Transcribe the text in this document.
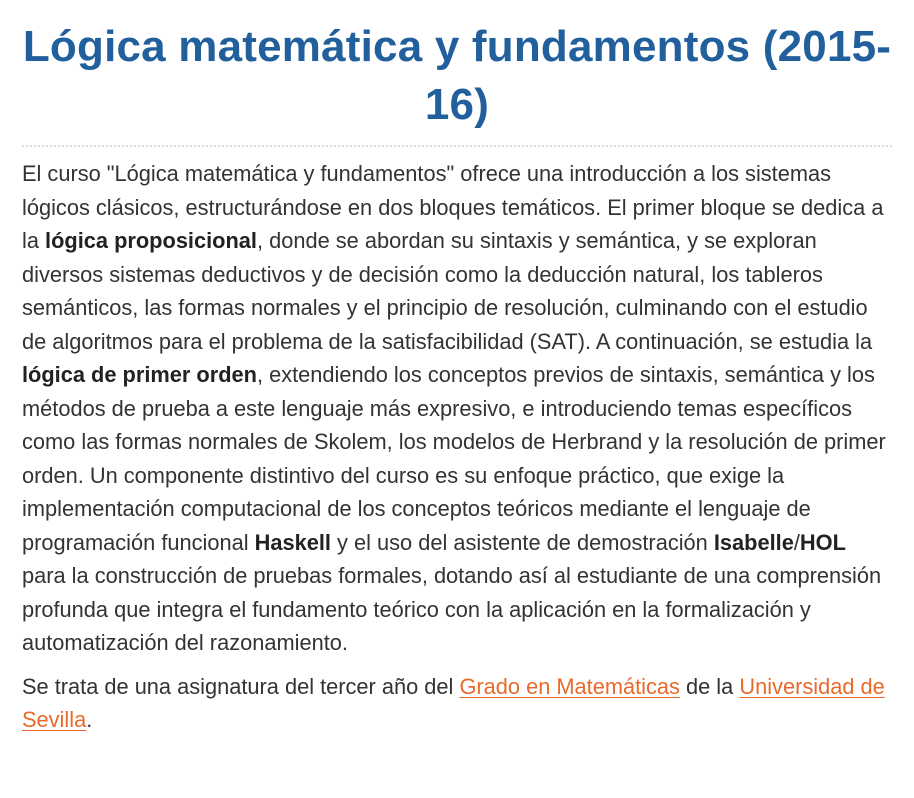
Lógica matemática y fundamentos (2015-16)

El curso "Lógica matemática y fundamentos" ofrece una introducción a los sistemas lógicos clásicos, estructurándose en dos bloques temáticos. El primer bloque se dedica a la lógica proposicional, donde se abordan su sintaxis y semántica, y se exploran diversos sistemas deductivos y de decisión como la deducción natural, los tableros semánticos, las formas normales y el principio de resolución, culminando con el estudio de algoritmos para el problema de la satisfacibilidad (SAT). A continuación, se estudia la lógica de primer orden, extendiendo los conceptos previos de sintaxis, semántica y los métodos de prueba a este lenguaje más expresivo, e introduciendo temas específicos como las formas normales de Skolem, los modelos de Herbrand y la resolución de primer orden. Un componente distintivo del curso es su enfoque práctico, que exige la implementación computacional de los conceptos teóricos mediante el lenguaje de programación funcional Haskell y el uso del asistente de demostración Isabelle/HOL para la construcción de pruebas formales, dotando así al estudiante de una comprensión profunda que integra el fundamento teórico con la aplicación en la formalización y automatización del razonamiento.

Se trata de una asignatura del tercer año del Grado en Matemáticas de la Universidad de Sevilla.
